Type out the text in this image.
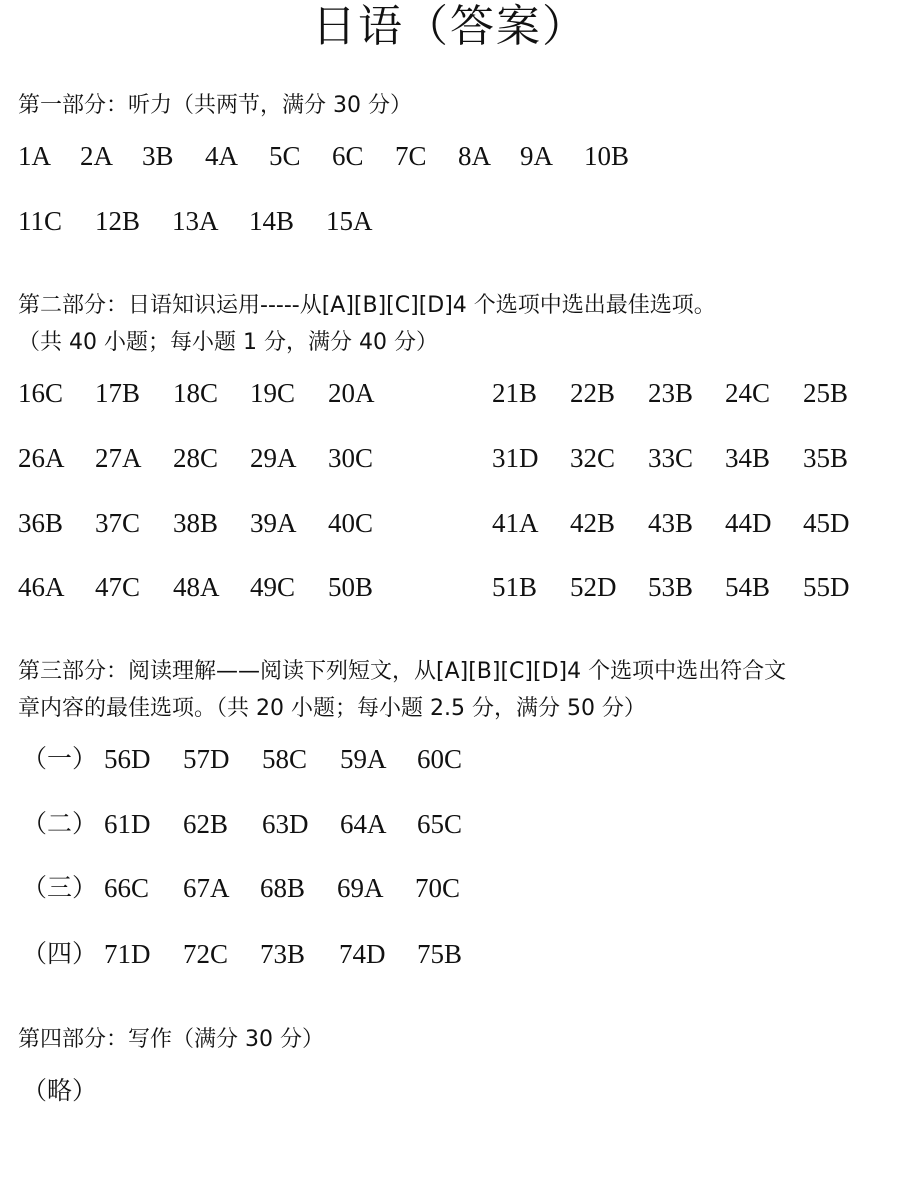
日语（答案）
第一部分：听力（共两节，满分 30 分）
1A 2A 3B 4A 5C 6C 7C 8A 9A 10B
11C 12B 13A 14B 15A
第二部分：日语知识运用-----从[A][B][C][D]4 个选项中选出最佳选项。
（共 40 小题；每小题 1 分，满分 40 分）
16C 17B 18C 19C 20A	21B 22B 23B 24C 25B
26A 27A 28C 29A 30C	31D 32C 33C 34B 35B
36B 37C 38B 39A 40C	41A 42B 43B 44D 45D
46A 47C 48A 49C 50B	51B 52D 53B 54B 55D
第三部分：阅读理解——阅读下列短文，从[A][B][C][D]4 个选项中选出符合文
章内容的最佳选项。（共 20 小题；每小题 2.5 分，满分 50 分）
（一） 56D 57D 58C 59A 60C
（二） 61D 62B 63D 64A 65C
（三） 66C 67A 68B 69A 70C
（四） 71D 72C 73B 74D 75B
第四部分：写作（满分 30 分）
（略）
